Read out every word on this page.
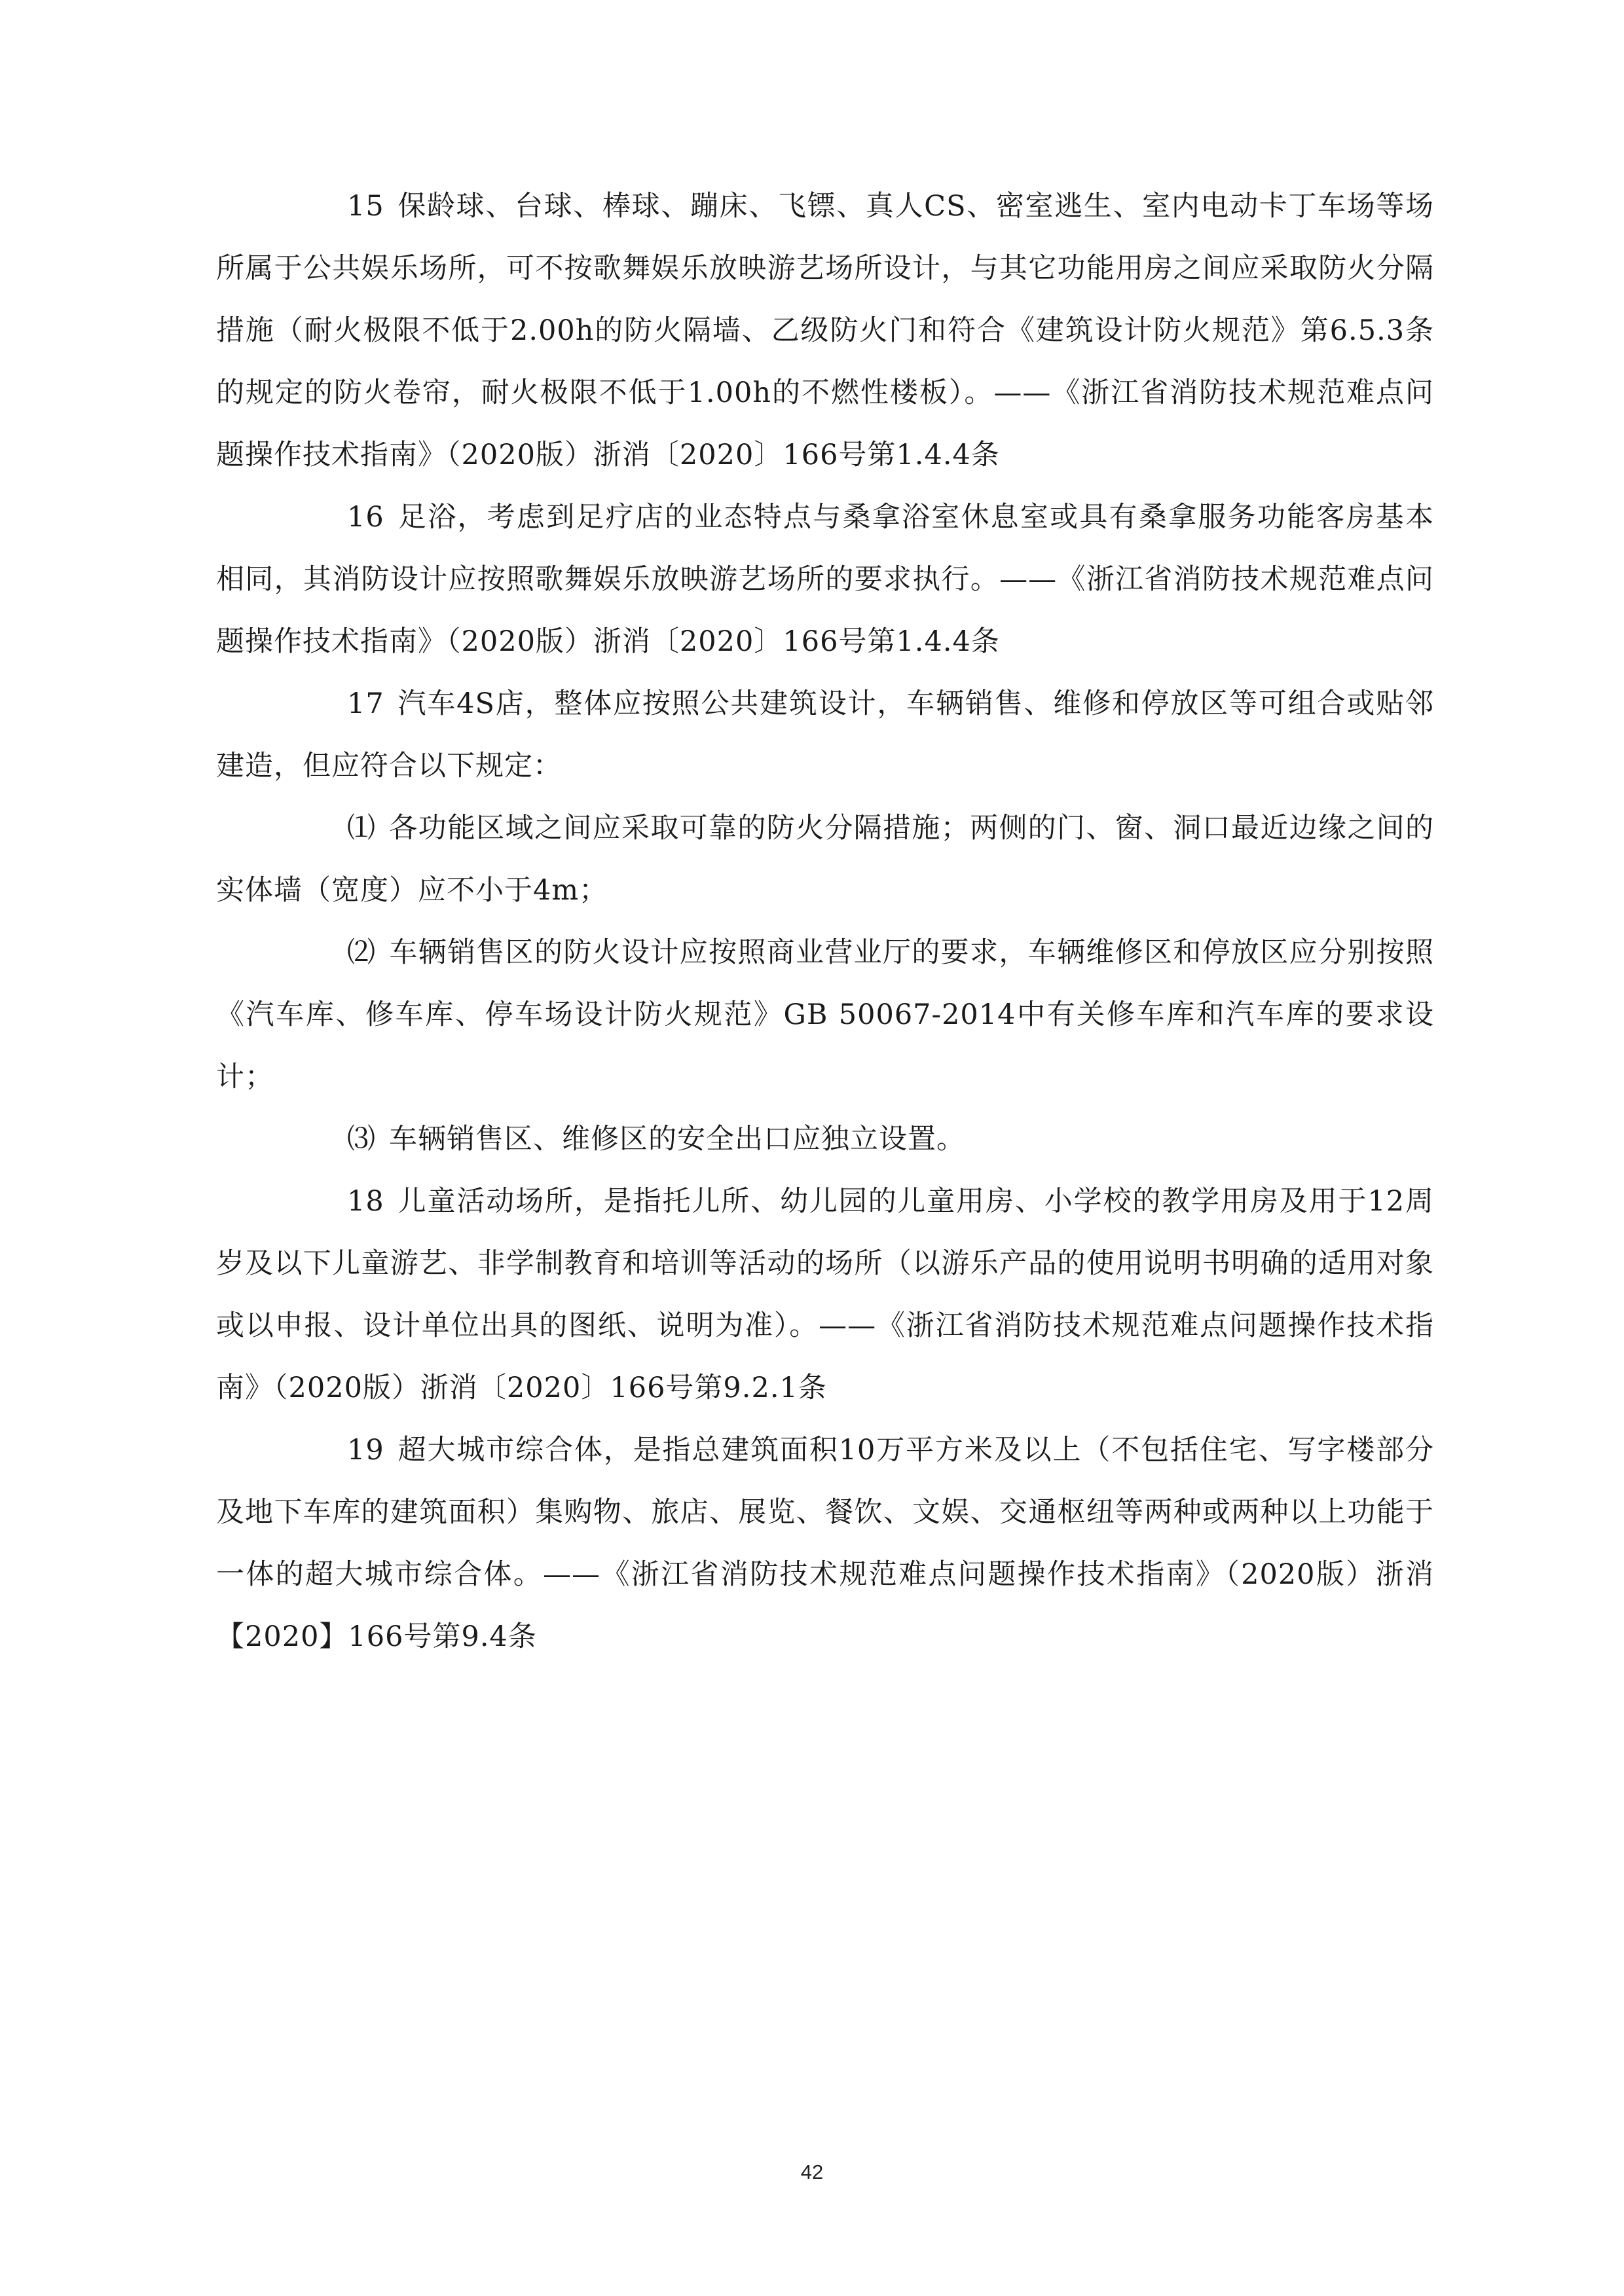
15 保龄球、台球、棒球、蹦床、飞镖、真人CS、密室逃生、室内电动卡丁车场等场所属于公共娱乐场所，可不按歌舞娱乐放映游艺场所设计，与其它功能用房之间应采取防火分隔措施（耐火极限不低于2.00h的防火隔墙、乙级防火门和符合《建筑设计防火规范》第6.5.3条的规定的防火卷帘，耐火极限不低于1.00h的不燃性楼板）。——《浙江省消防技术规范难点问题操作技术指南》（2020版）浙消〔2020〕166号第1.4.4条

16 足浴，考虑到足疗店的业态特点与桑拿浴室休息室或具有桑拿服务功能客房基本相同，其消防设计应按照歌舞娱乐放映游艺场所的要求执行。——《浙江省消防技术规范难点问题操作技术指南》（2020版）浙消〔2020〕166号第1.4.4条

17 汽车4S店，整体应按照公共建筑设计，车辆销售、维修和停放区等可组合或贴邻建造，但应符合以下规定：

⑴ 各功能区域之间应采取可靠的防火分隔措施；两侧的门、窗、洞口最近边缘之间的实体墙（宽度）应不小于4m；

⑵ 车辆销售区的防火设计应按照商业营业厅的要求，车辆维修区和停放区应分别按照《汽车库、修车库、停车场设计防火规范》GB 50067-2014中有关修车库和汽车库的要求设计；

⑶ 车辆销售区、维修区的安全出口应独立设置。

18 儿童活动场所，是指托儿所、幼儿园的儿童用房、小学校的教学用房及用于12周岁及以下儿童游艺、非学制教育和培训等活动的场所（以游乐产品的使用说明书明确的适用对象或以申报、设计单位出具的图纸、说明为准）。——《浙江省消防技术规范难点问题操作技术指南》（2020版）浙消〔2020〕166号第9.2.1条

19 超大城市综合体，是指总建筑面积10万平方米及以上（不包括住宅、写字楼部分及地下车库的建筑面积）集购物、旅店、展览、餐饮、文娱、交通枢纽等两种或两种以上功能于一体的超大城市综合体。——《浙江省消防技术规范难点问题操作技术指南》（2020版）浙消【2020】166号第9.4条

42
